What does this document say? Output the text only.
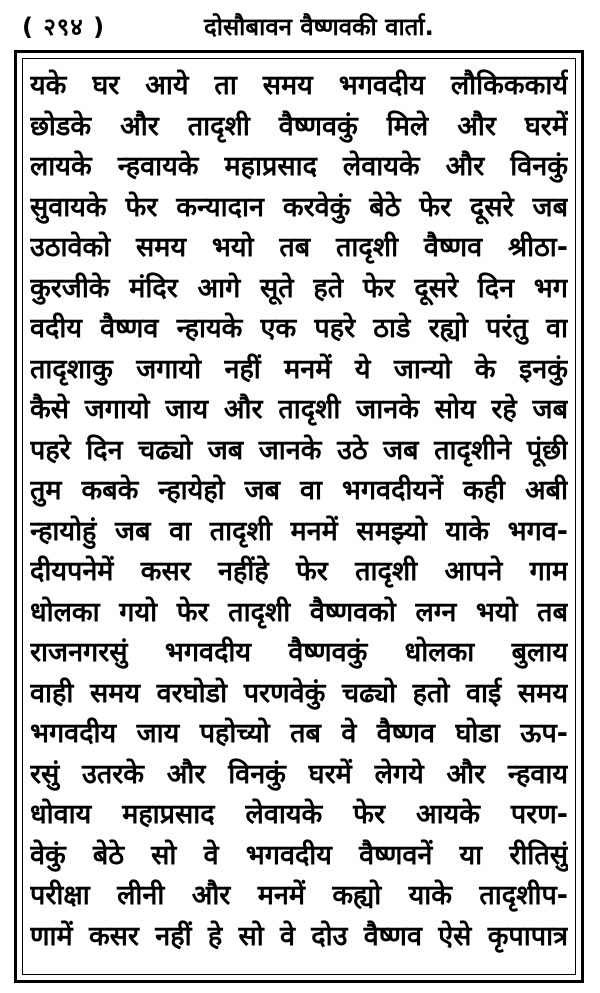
( २९४ )	दोसौबावन वैष्णवकी वार्ता.
यके घर आये ता समय भगवदीय लौकिककार्य
छोडके और तादृशी वैष्णवकुं मिले और घरमें
लायके न्हवायके महाप्रसाद लेवायके और विनकुं
सुवायके फेर कन्यादान करवेकुं बेठे फेर दूसरे जब
उठावेको समय भयो तब तादृशी वैष्णव श्रीठा-
कुरजीके मंदिर आगे सूते हते फेर दूसरे दिन भग
वदीय वैष्णव न्हायके एक पहरे ठाडे रह्यो परंतु वा
तादृशाकु जगायो नहीं मनमें ये जान्यो के इनकुं
कैसे जगायो जाय और तादृशी जानके सोय रहे जब
पहरे दिन चढ्यो जब जानके उठे जब तादृशीने पूंछी
तुम कबके न्हायेहो जब वा भगवदीयनें कही अबी
न्हायोहुं जब वा तादृशी मनमें समझ्यो याके भगव-
दीयपनेमें कसर नहींहे फेर तादृशी आपने गाम
धोलका गयो फेर तादृशी वैष्णवको लग्न भयो तब
राजनगरसुं भगवदीय वैष्णवकुं धोलका बुलाय
वाही समय वरघोडो परणवेकुं चढ्यो हतो वाई समय
भगवदीय जाय पहोच्यो तब वे वैष्णव घोडा ऊप-
रसुं उतरके और विनकुं घरमें लेगये और न्हवाय
धोवाय महाप्रसाद लेवायके फेर आयके परण-
वेकुं बेठे सो वे भगवदीय वैष्णवनें या रीतिसुं
परीक्षा लीनी और मनमें कह्यो याके तादृशीप-
णामें कसर नहीं हे सो वे दोउ वैष्णव ऐसे कृपापात्र
